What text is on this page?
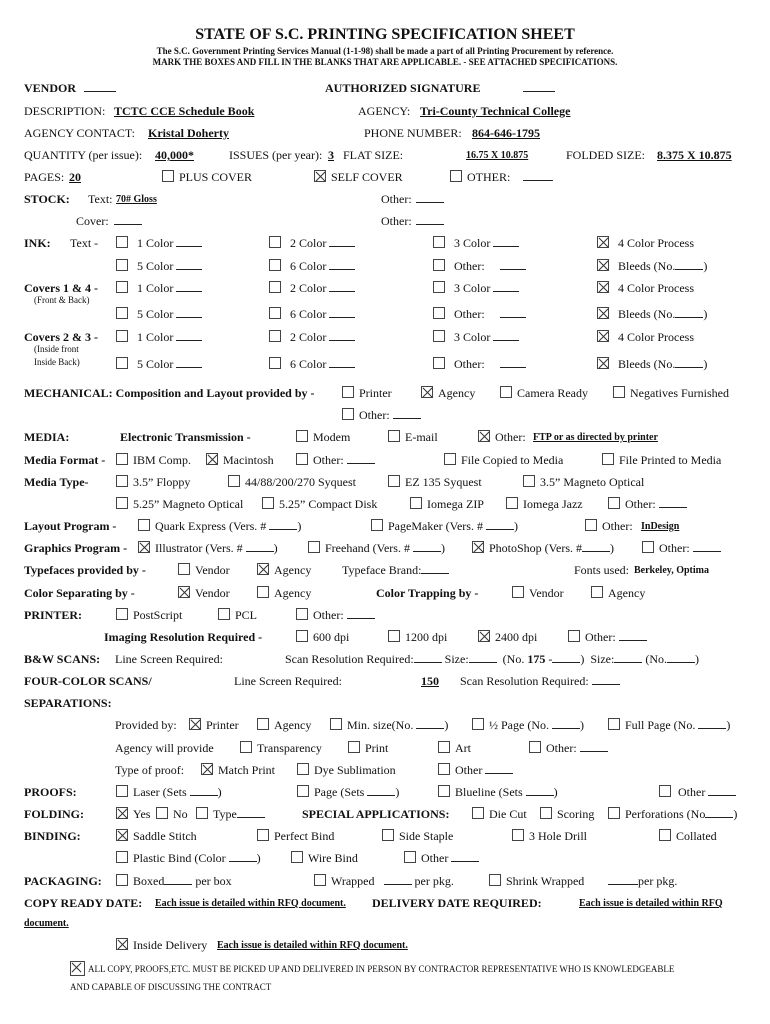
STATE OF S.C. PRINTING SPECIFICATION SHEET
The S.C. Government Printing Services Manual (1-1-98) shall be made a part of all Printing Procurement by reference.
MARK THE BOXES AND FILL IN THE BLANKS THAT ARE APPLICABLE. - SEE ATTACHED SPECIFICATIONS.
VENDOR	AUTHORIZED SIGNATURE
DESCRIPTION: TCTC CCE Schedule Book	AGENCY: Tri-County Technical College
AGENCY CONTACT: Kristal Doherty	PHONE NUMBER: 864-646-1795
QUANTITY (per issue): 40,000*	ISSUES (per year): 3 FLAT SIZE:	16.75 X 10.875	FOLDED SIZE: 8.375 X 10.875
PAGES: 20	PLUS COVER	SELF COVER	OTHER:
STOCK: Text: 70# Gloss	Other:
Cover:	Other:
INK: Text -	1 Color	2 Color	3 Color	4 Color Process
5 Color	6 Color	Other:	Bleeds (No. )
Covers 1 & 4 -
(Front & Back)
1 Color	2 Color	3 Color	4 Color Process
5 Color	6 Color	Other:	Bleeds (No. )
Covers 2 & 3 -
(Inside front
Inside Back)
1 Color	2 Color	3 Color	4 Color Process
5 Color	6 Color	Other:	Bleeds (No. )
MECHANICAL: Composition and Layout provided by -	Printer	Agency	Camera Ready	Negatives Furnished
Other:
MEDIA:	Electronic Transmission -	Modem	E-mail	Other: FTP or as directed by printer
Media Format - IBM Comp.	Macintosh	Other:	File Copied to Media	File Printed to Media
Media Type-	3.5” Floppy	44/88/200/270 Syquest	EZ 135 Syquest	3.5” Magneto Optical
5.25” Magneto Optical	5.25” Compact Disk	Iomega ZIP	Iomega Jazz	Other:
Layout Program -	Quark Express (Vers. #	)	PageMaker (Vers. #	)	Other: InDesign
Graphics Program - Illustrator (Vers. #	)	Freehand (Vers. #	)	PhotoShop (Vers. # )	Other:
Typefaces provided by -	Vendor	Agency	Typeface Brand:	Fonts used: Berkeley, Optima
Color Separating by -	Vendor	Agency	Color Trapping by -	Vendor	Agency
PRINTER:	PostScript	PCL	Other:
Imaging Resolution Required -	600 dpi	1200 dpi	2400 dpi	Other:
B&W SCANS: Line Screen Required:	Scan Resolution Required:	Size:	(No. 175 - )  Size:	(No. )
FOUR-COLOR SCANS/	Line Screen Required:	150 Scan Resolution Required:
SEPARATIONS:
Provided by: Printer	Agency	Min. size(No.	)	½ Page (No.	)	Full Page (No.	)
Agency will provide	Transparency	Print	Art	Other:
Type of proof:	Match Print	Dye Sublimation	Other
PROOFS:	Laser (Sets	)	Page (Sets	)	Blueline (Sets	)	Other
FOLDING:	Yes No Type	SPECIAL APPLICATIONS:	Die Cut	Scoring	Perforations (No )
BINDING:	Saddle Stitch	Perfect Bind	Side Staple	3 Hole Drill	Collated
Plastic Bind (Color	)	Wire Bind	Other
PACKAGING:	Boxed	per box	Wrapped	per pkg.	Shrink Wrapped	per pkg.
COPY READY DATE: Each issue is detailed within RFQ document. DELIVERY DATE REQUIRED:	Each issue is detailed within RFQ
document.
Inside Delivery Each issue is detailed within RFQ document.
ALL COPY, PROOFS,ETC. MUST BE PICKED UP AND DELIVERED IN PERSON BY CONTRACTOR REPRESENTATIVE WHO IS KNOWLEDGEABLE
AND CAPABLE OF DISCUSSING THE CONTRACT
